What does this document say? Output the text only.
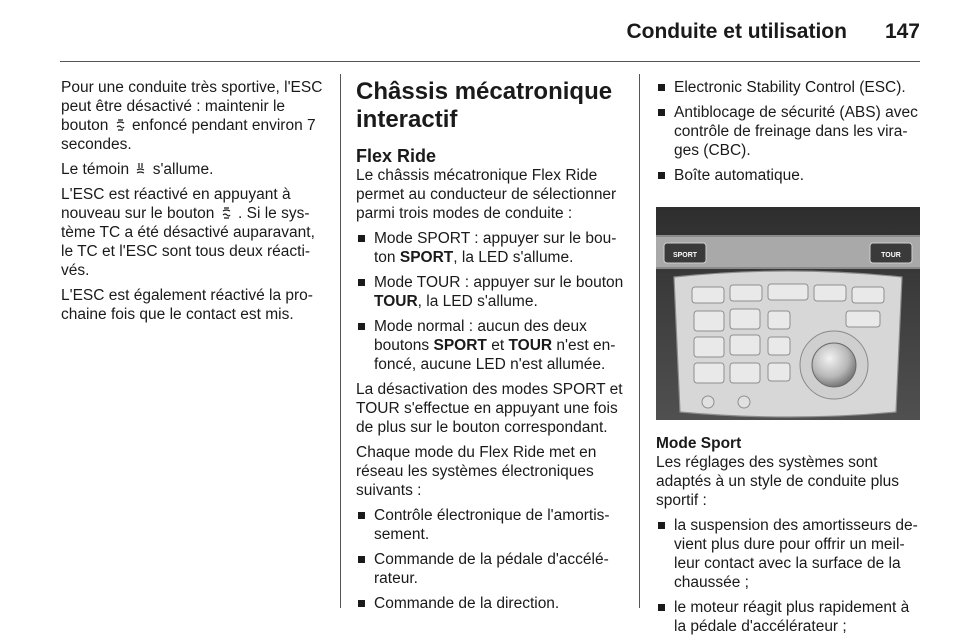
Conduite et utilisation 147

Pour une conduite très sportive, l'ESC peut être désactivé : maintenir le bouton enfoncé pendant environ 7 secondes.

Le témoin s'allume.

L'ESC est réactivé en appuyant à nouveau sur le bouton . Si le système TC a été désactivé auparavant, le TC et l'ESC sont tous deux réactivés.

L'ESC est également réactivé la prochaine fois que le contact est mis.

Châssis mécatronique interactif
Flex Ride

Le châssis mécatronique Flex Ride permet au conducteur de sélectionner parmi trois modes de conduite :

Mode SPORT : appuyer sur le bouton SPORT, la LED s'allume.
Mode TOUR : appuyer sur le bouton TOUR, la LED s'allume.
Mode normal : aucun des deux boutons SPORT et TOUR n'est enfoncé, aucune LED n'est allumée.

La désactivation des modes SPORT et TOUR s'effectue en appuyant une fois de plus sur le bouton correspondant.

Chaque mode du Flex Ride met en réseau les systèmes électroniques suivants :

Contrôle électronique de l'amortissement.
Commande de la pédale d'accélérateur.
Commande de la direction.
Electronic Stability Control (ESC).
Antiblocage de sécurité (ABS) avec contrôle de freinage dans les virages (CBC).
Boîte automatique.
SPORT	TOUR
Mode Sport

Les réglages des systèmes sont adaptés à un style de conduite plus sportif :

la suspension des amortisseurs devient plus dure pour offrir un meilleur contact avec la surface de la chaussée ;
le moteur réagit plus rapidement à la pédale d'accélérateur ;
